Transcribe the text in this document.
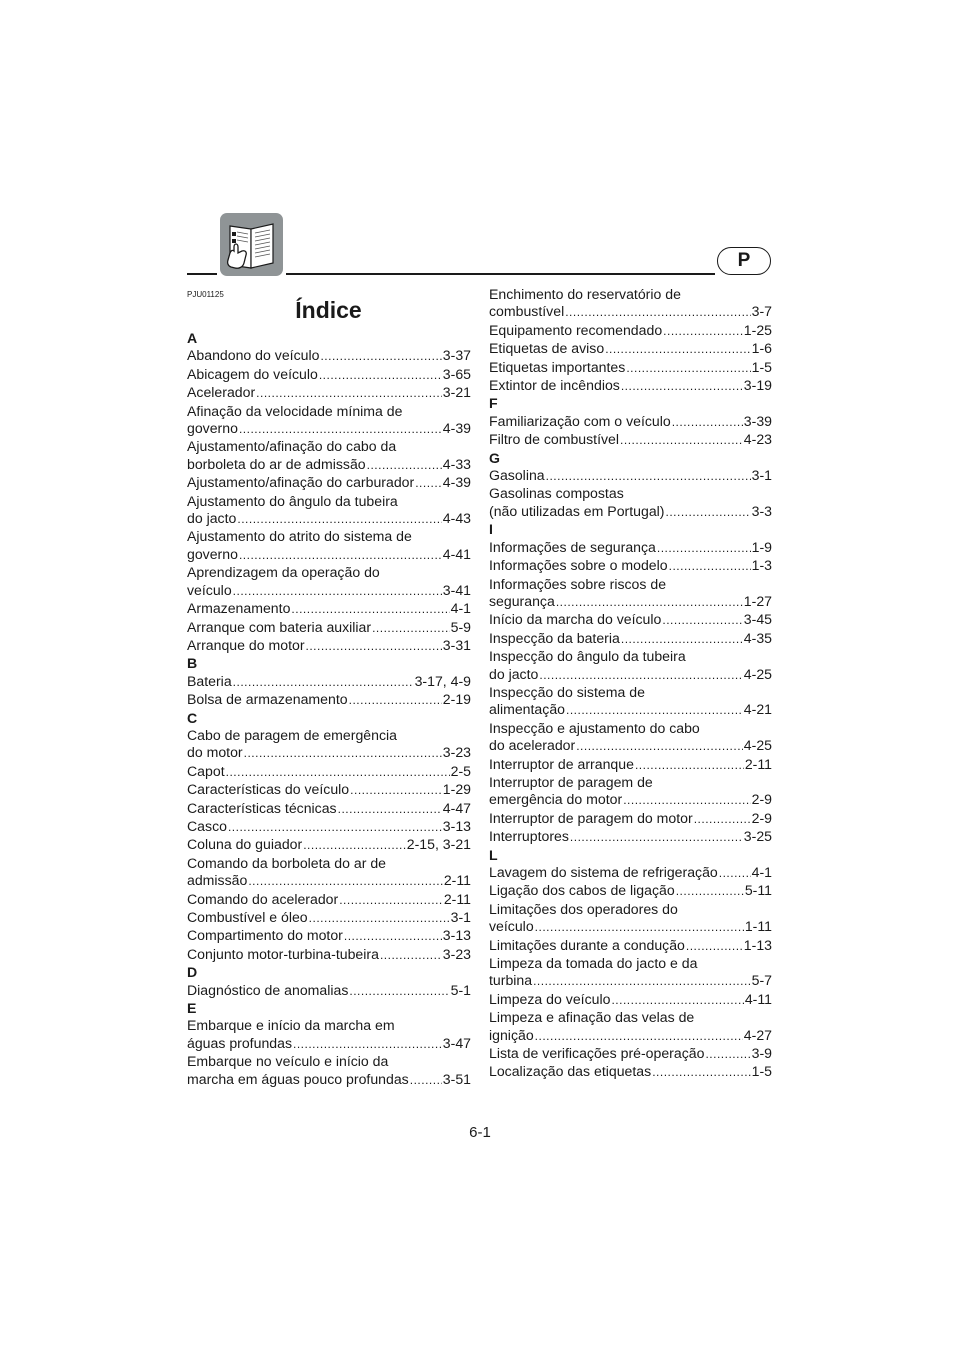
P
PJU01125
Índice
A
Abandono do veículo .....	3-37
Abicagem do veículo .....	3-65
Acelerador .....	3-21
Afinação da velocidade mínima de
governo .....	4-39
Ajustamento/afinação do cabo da
borboleta do ar de admissão .....	4-33
Ajustamento/afinação do carburador ..... 4-39
Ajustamento do ângulo da tubeira
do jacto .....	4-43
Ajustamento do atrito do sistema de
governo .....	4-41
Aprendizagem da operação do
veículo .....	3-41
Armazenamento .....	4-1
Arranque com bateria auxiliar .....	5-9
Arranque do motor .....	3-31
B
Bateria .....	3-17, 4-9
Bolsa de armazenamento .....	2-19
C
Cabo de paragem de emergência
do motor .....	3-23
Capot .....	2-5
Características do veículo .....	1-29
Características técnicas .....	4-47
Casco .....	3-13
Coluna do guiador .....	2-15, 3-21
Comando da borboleta do ar de
admissão .....	2-11
Comando do acelerador .....	2-11
Combustível e óleo .....	3-1
Compartimento do motor .....	3-13
Conjunto motor-turbina-tubeira .....	3-23
D
Diagnóstico de anomalias .....	5-1
E
Embarque e início da marcha em
águas profundas .....	3-47
Embarque no veículo e início da
marcha em águas pouco profundas ..... 3-51
Enchimento do reservatório de
combustível .....	3-7
Equipamento recomendado .....	1-25
Etiquetas de aviso .....	1-6
Etiquetas importantes .....	1-5
Extintor de incêndios .....	3-19
F
Familiarização com o veículo .....	3-39
Filtro de combustível .....	4-23
G
Gasolina .....	3-1
Gasolinas compostas
(não utilizadas em Portugal) .....	3-3
I
Informações de segurança .....	1-9
Informações sobre o modelo .....	1-3
Informações sobre riscos de
segurança .....	1-27
Início da marcha do veículo .....	3-45
Inspecção da bateria .....	4-35
Inspecção do ângulo da tubeira
do jacto .....	4-25
Inspecção do sistema de
alimentação .....	4-21
Inspecção e ajustamento do cabo
do acelerador .....	4-25
Interruptor de arranque .....	2-11
Interruptor de paragem de
emergência do motor .....	2-9
Interruptor de paragem do motor .....	2-9
Interruptores .....	3-25
L
Lavagem do sistema de refrigeração ..... 4-1
Ligação dos cabos de ligação .....	5-11
Limitações dos operadores do
veículo .....	1-11
Limitações durante a condução .....	1-13
Limpeza da tomada do jacto e da
turbina .....	5-7
Limpeza do veículo .....	4-11
Limpeza e afinação das velas de
ignição .....	4-27
Lista de verificações pré-operação .....	3-9
Localização das etiquetas .....	1-5
6-1
